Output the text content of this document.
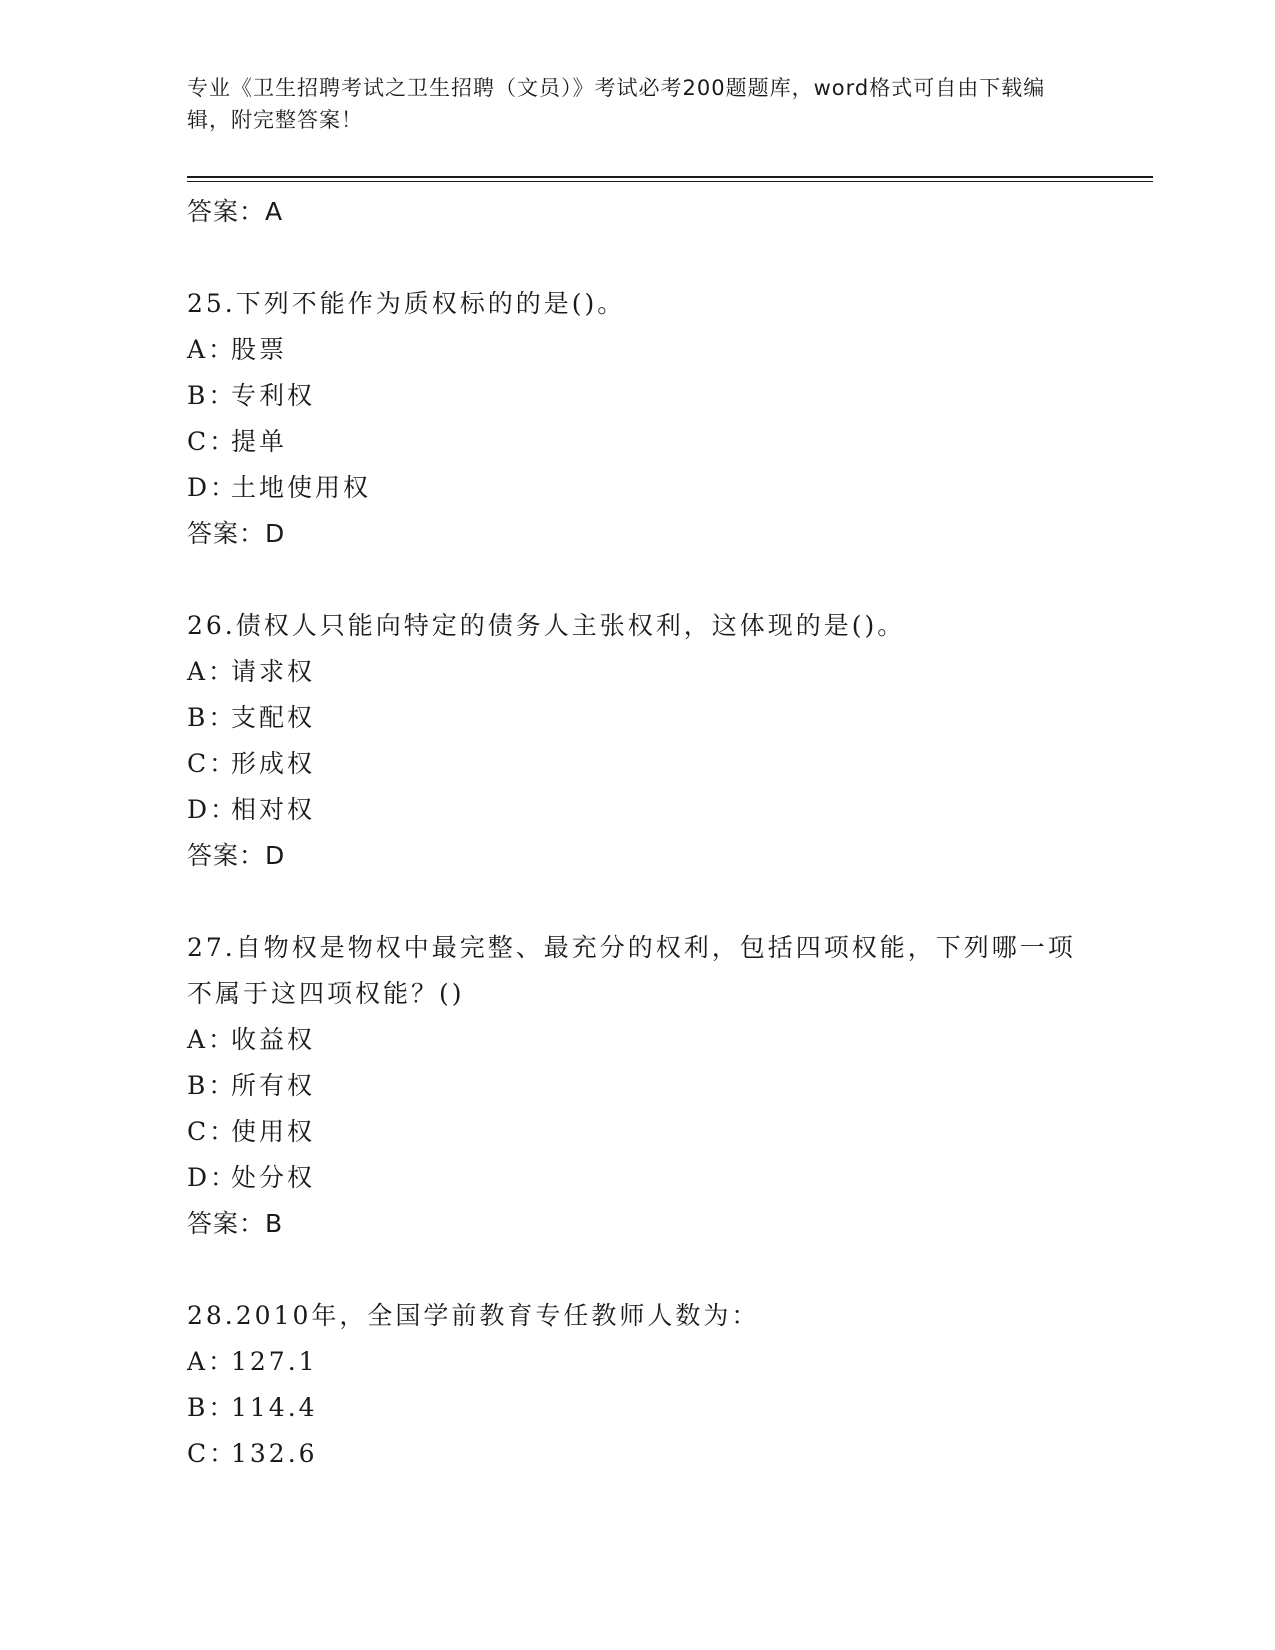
专业《卫生招聘考试之卫生招聘（文员）》考试必考200题题库，word格式可自由下载编辑，附完整答案！
答案：A
25.下列不能作为质权标的的是()。
A：股票
B：专利权
C：提单
D：土地使用权
答案：D
26.债权人只能向特定的债务人主张权利，这体现的是()。
A：请求权
B：支配权
C：形成权
D：相对权
答案：D
27.自物权是物权中最完整、最充分的权利，包括四项权能，下列哪一项不属于这四项权能？()
A：收益权
B：所有权
C：使用权
D：处分权
答案：B
28.2010年，全国学前教育专任教师人数为：
A：127.1
B：114.4
C：132.6
